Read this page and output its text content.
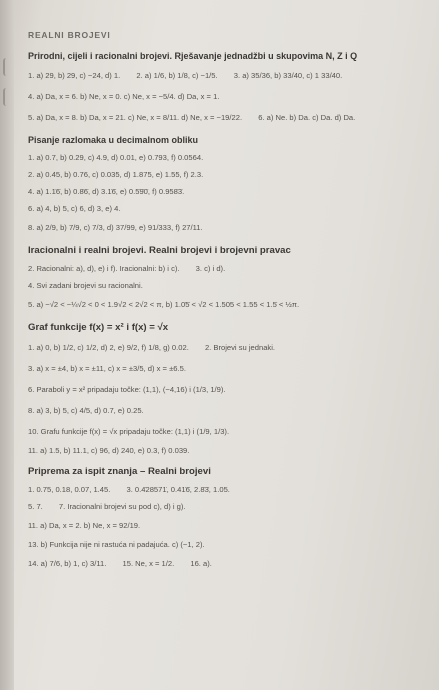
REALNI BROJEVI
Prirodni, cijeli i racionalni brojevi. Rješavanje jednadžbi u skupovima N, Z i Q
1. a) 29, b) 29, c) −24, d) 1. 2. a) 1/6, b) 1/8, c) −1/5. 3. a) 35/36, b) 33/40, c) 1 33/40.
4. a) Da, x = 6. b) Ne, x = 0. c) Ne, x = −5/4. d) Da, x = 1.
5. a) Da, x = 8. b) Da, x = 21. c) Ne, x = 8/11. d) Ne, x = −19/22. 6. a) Ne. b) Da. c) Da. d) Da.
Pisanje razlomaka u decimalnom obliku
1. a) 0.7, b) 0.29, c) 4.9, d) 0.01, e) 0.793, f) 0.0564.
2. a) 0.45, b) 0.76, c) 0.035, d) 1.875, e) 1.55, f) 2.3.
4. a) 1.1̇6̇, b) 0.8̇6̇, d) 3.1̇6̇, e) 0.5̇9̇0̇, f) 0.958̇3̇.
6. a) 4, b) 5, c) 6, d) 3, e) 4.
8. a) 2/9, b) 7/9, c) 7/3, d) 37/99, e) 91/333, f) 27/11.
Iracionalni i realni brojevi. Realni brojevi i brojevni pravac
2. Racionalni: a), d), e) i f). Iracionalni: b) i c). 3. c) i d).
4. Svi zadani brojevi su racionalni.
5. a) −√2 < −¼√2 < 0 < 1.9√2 < 2√2 < π, b) 1.0̇5̇ < √2 < 1.505 < 1.55 < 1.5̇ < ½π.
Graf funkcije f(x) = x² i f(x) = √x
1. a) 0, b) 1/2, c) 1/2, d) 2, e) 9/2, f) 1/8, g) 0.02. 2. Brojevi su jednaki.
3. a) x = ±4, b) x = ±11, c) x = ±3/5, d) x = ±6.5.
6. Paraboli y = x² pripadaju točke: (1,1), (−4,16) i (1/3, 1/9).
8. a) 3, b) 5, c) 4/5, d) 0.7, e) 0.25.
10. Grafu funkcije f(x) = √x pripadaju točke: (1,1) i (1/9, 1/3).
11. a) 1.5, b) 11.1, c) 96, d) 240, e) 0.3, f) 0.039.
Priprema za ispit znanja – Realni brojevi
1. 0.75, 0.18, 0.07, 1.45. 3. 0.4̇28571̇, 0.41̇6̇, 2.8̇3̇, 1.05.
5. 7. 7. Iracionalni brojevi su pod c), d) i g).
11. a) Da, x = 2. b) Ne, x = 92/19.
13. b) Funkcija nije ni rastuća ni padajuća. c) (−1, 2).
14. a) 7/6, b) 1, c) 3/11. 15. Ne, x = 1/2. 16. a).
